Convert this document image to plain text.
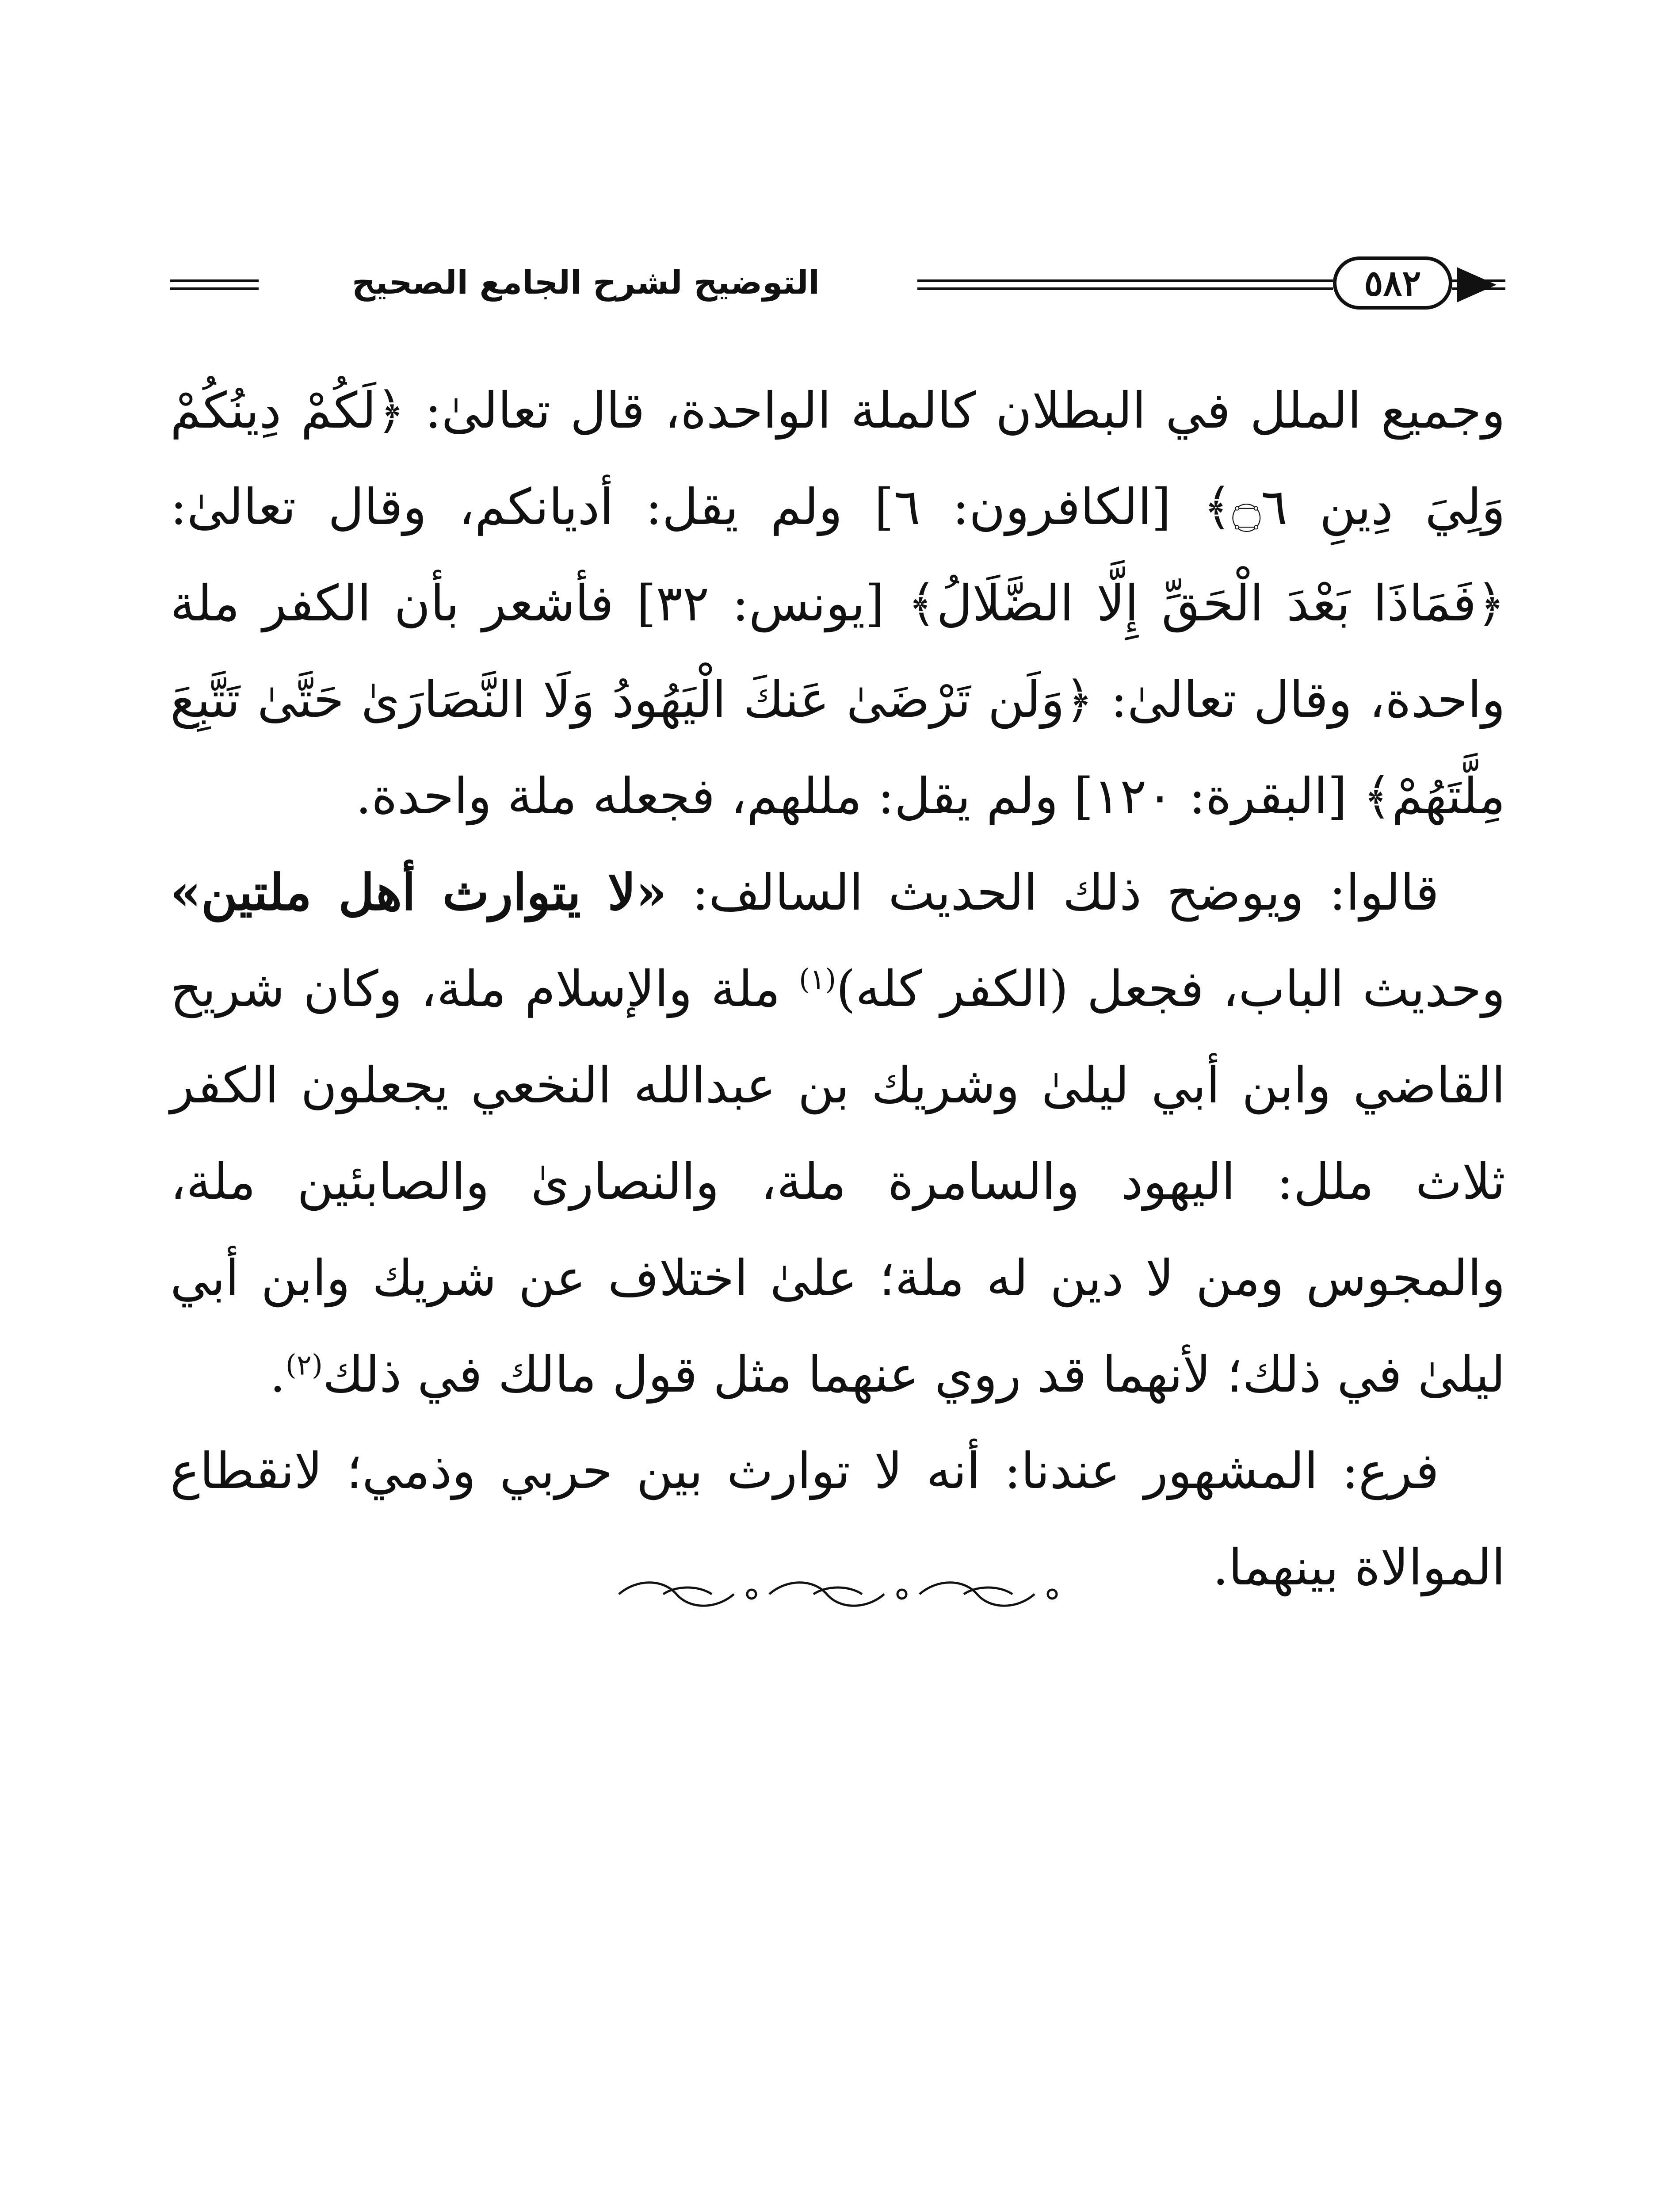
التوضيح لشرح الجامع الصحيح	٥٨٢

وجميع الملل في البطلان كالملة الواحدة، قال تعالىٰ: ﴿لَكُمْ دِينُكُمْ وَلِيَ دِينِ ۝٦﴾ [الكافرون: ٦] ولم يقل: أديانكم، وقال تعالىٰ: ﴿فَمَاذَا بَعْدَ الْحَقِّ إِلَّا الضَّلَالُ﴾ [يونس: ٣٢] فأشعر بأن الكفر ملة واحدة، وقال تعالىٰ: ﴿وَلَن تَرْضَىٰ عَنكَ الْيَهُودُ وَلَا النَّصَارَىٰ حَتَّىٰ تَتَّبِعَ مِلَّتَهُمْ﴾ [البقرة: ١٢٠] ولم يقل: مللهم، فجعله ملة واحدة.

قالوا: ويوضح ذلك الحديث السالف: «لا يتوارث أهل ملتين» وحديث الباب، فجعل (الكفر كله)$^{(١)}$ ملة والإسلام ملة، وكان شريح القاضي وابن أبي ليلىٰ وشريك بن عبدالله النخعي يجعلون الكفر ثلاث ملل: اليهود والسامرة ملة، والنصارىٰ والصابئين ملة، والمجوس ومن لا دين له ملة؛ علىٰ اختلاف عن شريك وابن أبي ليلىٰ في ذلك؛ لأنهما قد روي عنهما مثل قول مالك في ذلك$^{(٢)}$.

فرع: المشهور عندنا: أنه لا توارث بين حربي وذمي؛ لانقطاع الموالاة بينهما.
